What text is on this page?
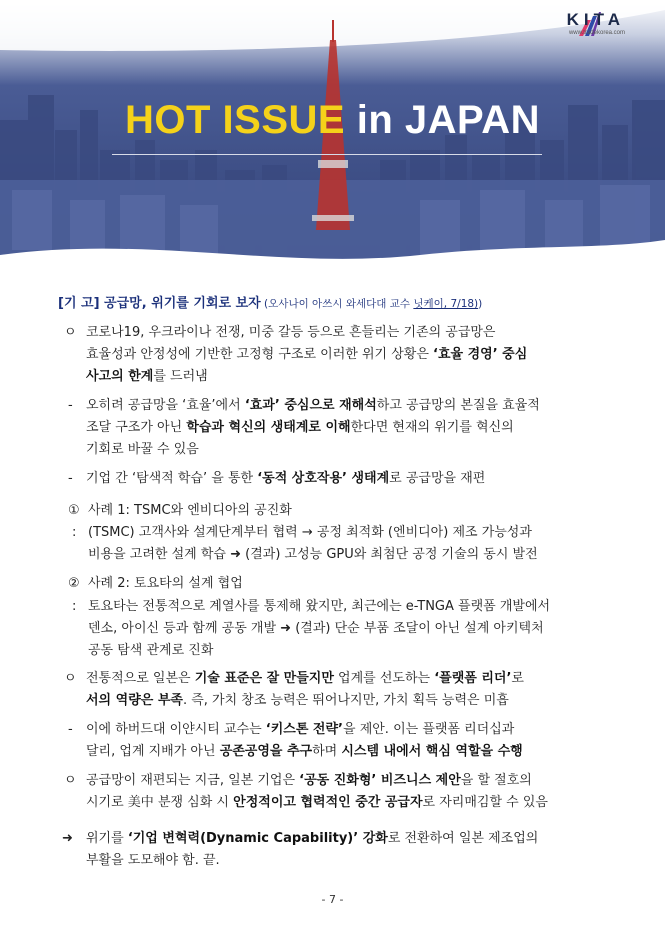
KITA
www.tradekorea.com
HOT ISSUE in JAPAN
[기 고] 공급망, 위기를 기회로 보자 (오사나이 아쓰시 와세다대 교수 닛케이, 7/18))
ㅇ 코로나19, 우크라이나 전쟁, 미중 갈등 등으로 흔들리는 기존의 공급망은
효율성과 안정성에 기반한 고정형 구조로 이러한 위기 상황은 ‘효율 경영’ 중심
사고의 한계를 드러냄
- 오히려 공급망을 ‘효율’에서 ‘효과’ 중심으로 재해석하고 공급망의 본질을 효율적
조달 구조가 아닌 학습과 혁신의 생태계로 이해한다면 현재의 위기를 혁신의
기회로 바꿀 수 있음
- 기업 간 ‘탐색적 학습’ 을 통한 ‘동적 상호작용’ 생태계로 공급망을 재편
① 사례 1: TSMC와 엔비디아의 공진화
: (TSMC) 고객사와 설계단계부터 협력 → 공정 최적화 (엔비디아) 제조 가능성과
비용을 고려한 설계 학습 ➜ (결과) 고성능 GPU와 최첨단 공정 기술의 동시 발전
② 사례 2: 토요타의 설계 협업
: 토요타는 전통적으로 계열사를 통제해 왔지만, 최근에는 e-TNGA 플랫폼 개발에서
덴소, 아이신 등과 함께 공동 개발 ➜ (결과) 단순 부품 조달이 아닌 설계 아키텍처
공동 탐색 관계로 진화
ㅇ 전통적으로 일본은 기술 표준은 잘 만들지만 업계를 선도하는 ‘플랫폼 리더’로
서의 역량은 부족. 즉, 가치 창조 능력은 뛰어나지만, 가치 획득 능력은 미흡
- 이에 하버드대 이얀시티 교수는 ‘키스톤 전략’을 제안. 이는 플랫폼 리더십과
달리, 업계 지배가 아닌 공존공영을 추구하며 시스템 내에서 핵심 역할을 수행
ㅇ 공급망이 재편되는 지금, 일본 기업은 ‘공동 진화형’ 비즈니스 제안을 할 절호의
시기로 美中 분쟁 심화 시 안정적이고 협력적인 중간 공급자로 자리매김할 수 있음
➜ 위기를 ‘기업 변혁력(Dynamic Capability)’ 강화로 전환하여 일본 제조업의
부활을 도모해야 함. 끝.
- 7 -
